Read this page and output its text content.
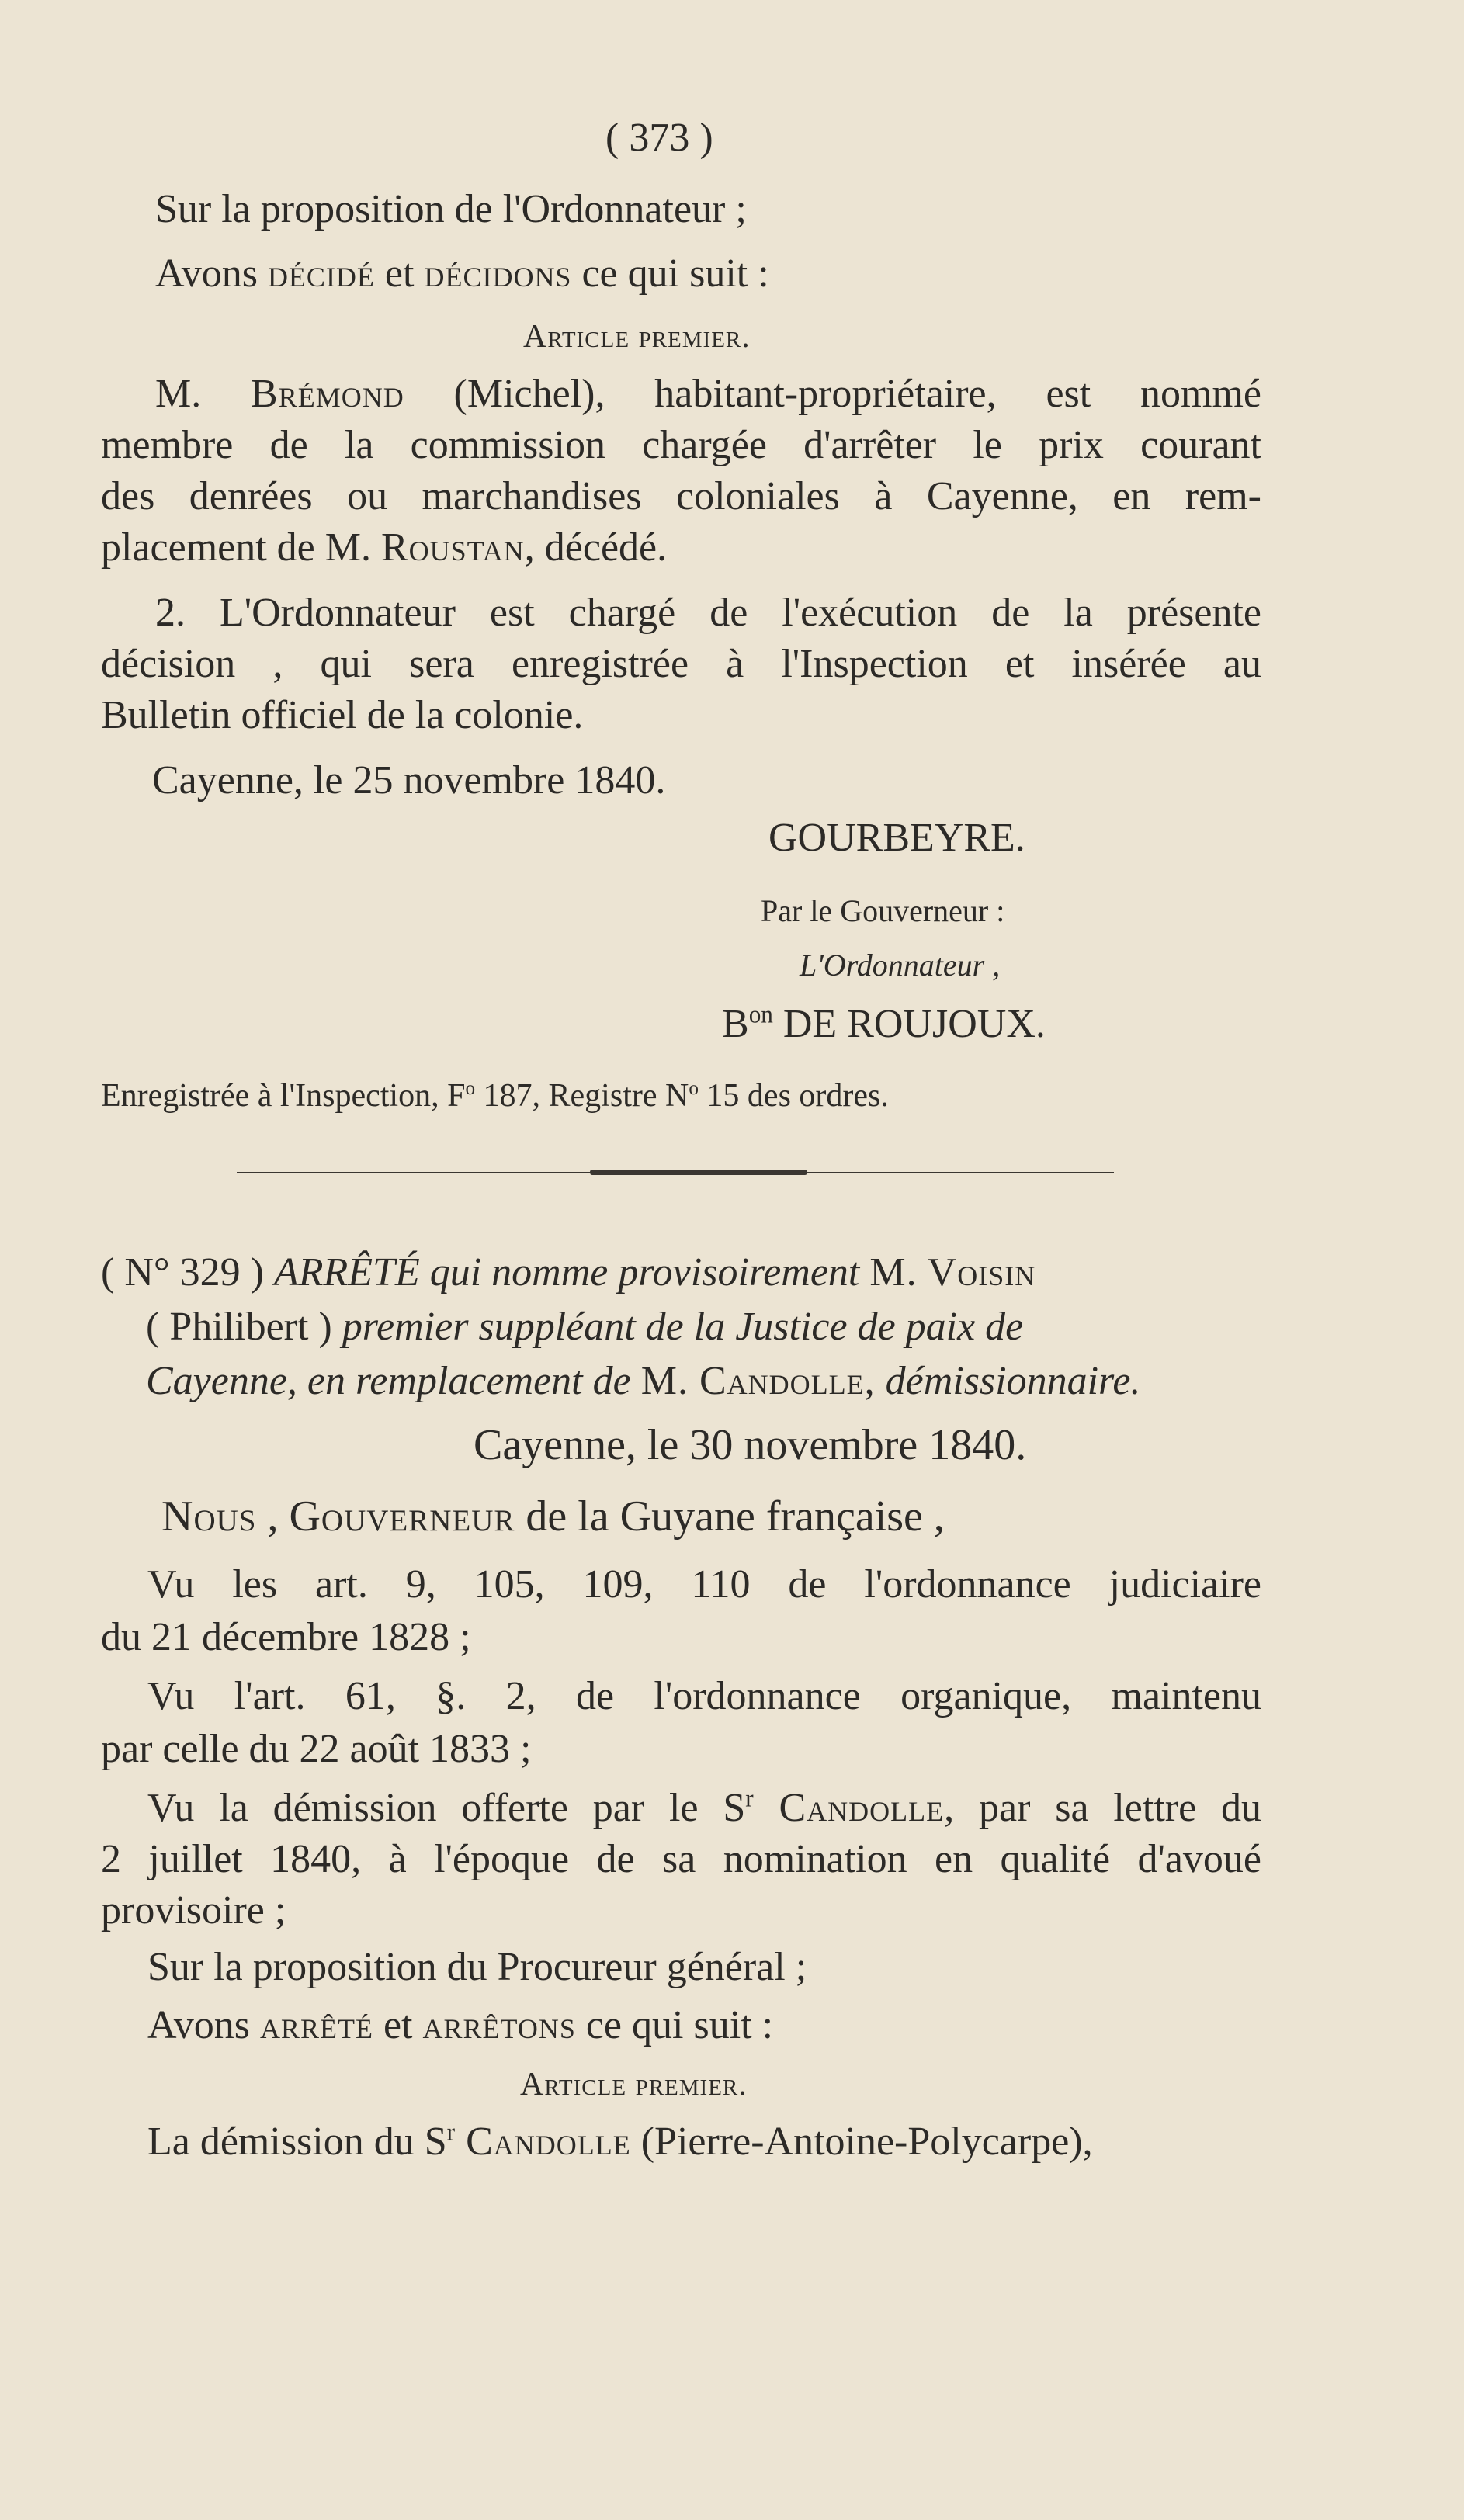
( 373 )

Sur la proposition de l'Ordonnateur ;

Avons décidé et décidons ce qui suit :

Article premier.

M. Brémond (Michel), habitant-propriétaire, est nommé

membre de la commission chargée d'arrêter le prix courant

des denrées ou marchandises coloniales à Cayenne, en rem-

placement de M. Roustan, décédé.

2. L'Ordonnateur est chargé de l'exécution de la présente

décision , qui sera enregistrée à l'Inspection et insérée au

Bulletin officiel de la colonie.

Cayenne, le 25 novembre 1840.

GOURBEYRE.

Par le Gouverneur :

L'Ordonnateur ,

$B^{on}$ DE ROUJOUX.

Enregistrée à l'Inspection, $F^o$ 187, Registre $N^o$ 15 des ordres.

( N° 329 ) ARRÊTÉ qui nomme provisoirement M. Voisin

( Philibert ) premier suppléant de la Justice de paix de

Cayenne, en remplacement de M. Candolle, démissionnaire.

Cayenne, le 30 novembre 1840.

Nous , Gouverneur de la Guyane française ,

Vu les art. 9, 105, 109, 110 de l'ordonnance judiciaire

du 21 décembre 1828 ;

Vu l'art. 61, §. 2, de l'ordonnance organique, maintenu

par celle du 22 août 1833 ;

Vu la démission offerte par le $S^r$ Candolle, par sa lettre du

2 juillet 1840, à l'époque de sa nomination en qualité d'avoué

provisoire ;

Sur la proposition du Procureur général ;

Avons arrêté et arrêtons ce qui suit :

Article premier.

La démission du $S^r$ Candolle (Pierre-Antoine-Polycarpe),
